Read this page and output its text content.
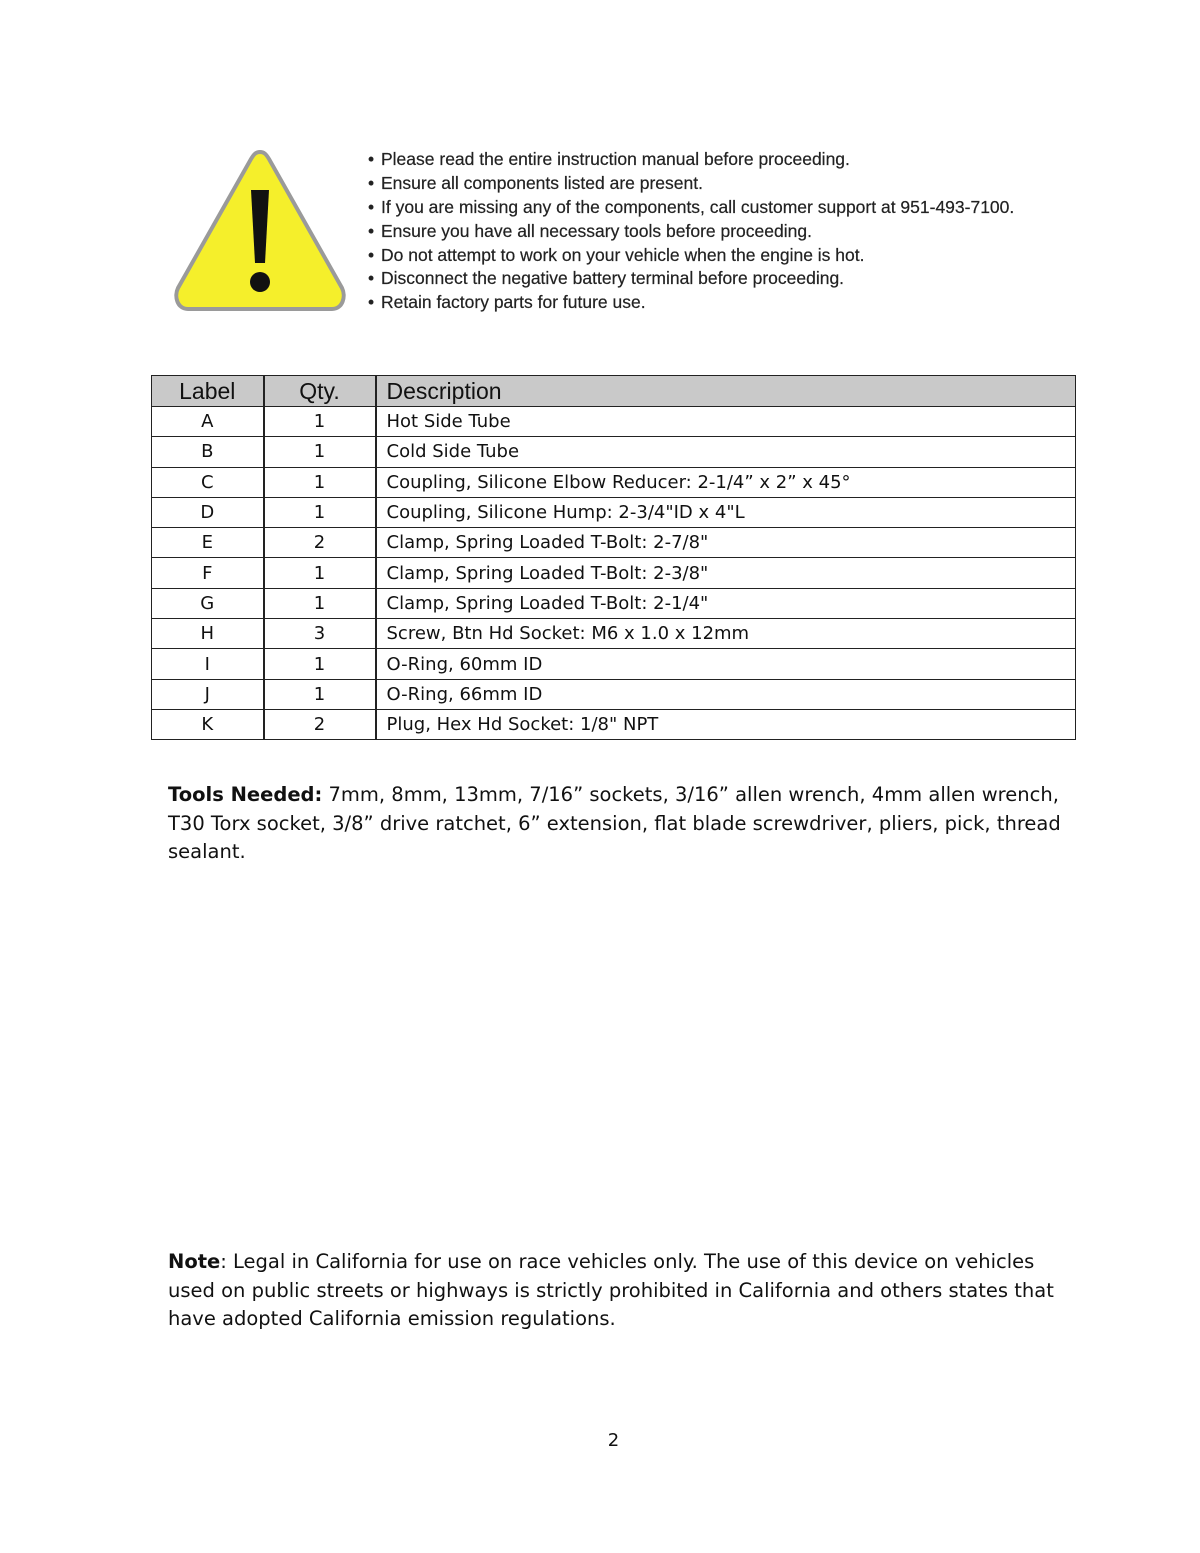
• Please read the entire instruction manual before proceeding.
• Ensure all components listed are present.
• If you are missing any of the components, call customer support at 951-493-7100.
• Ensure you have all necessary tools before proceeding.
• Do not attempt to work on your vehicle when the engine is hot.
• Disconnect the negative battery terminal before proceeding.
• Retain factory parts for future use.
Label	Qty.	Description
A	1	Hot Side Tube
B	1	Cold Side Tube
C	1	Coupling, Silicone Elbow Reducer: 2-1/4” x 2” x 45°
D	1	Coupling, Silicone Hump: 2-3/4"ID x 4"L
E	2	Clamp, Spring Loaded T-Bolt: 2-7/8"
F	1	Clamp, Spring Loaded T-Bolt: 2-3/8"
G	1	Clamp, Spring Loaded T-Bolt: 2-1/4"
H	3	Screw, Btn Hd Socket: M6 x 1.0 x 12mm
I	1	O-Ring, 60mm ID
J	1	O-Ring, 66mm ID
K	2	Plug, Hex Hd Socket: 1/8" NPT

Tools Needed: 7mm, 8mm, 13mm, 7/16” sockets, 3/16” allen wrench, 4mm allen wrench, T30 Torx socket, 3/8” drive ratchet, 6” extension, flat blade screwdriver, pliers, pick, thread sealant.

Note: Legal in California for use on race vehicles only. The use of this device on vehicles used on public streets or highways is strictly prohibited in California and others states that have adopted California emission regulations.

2
